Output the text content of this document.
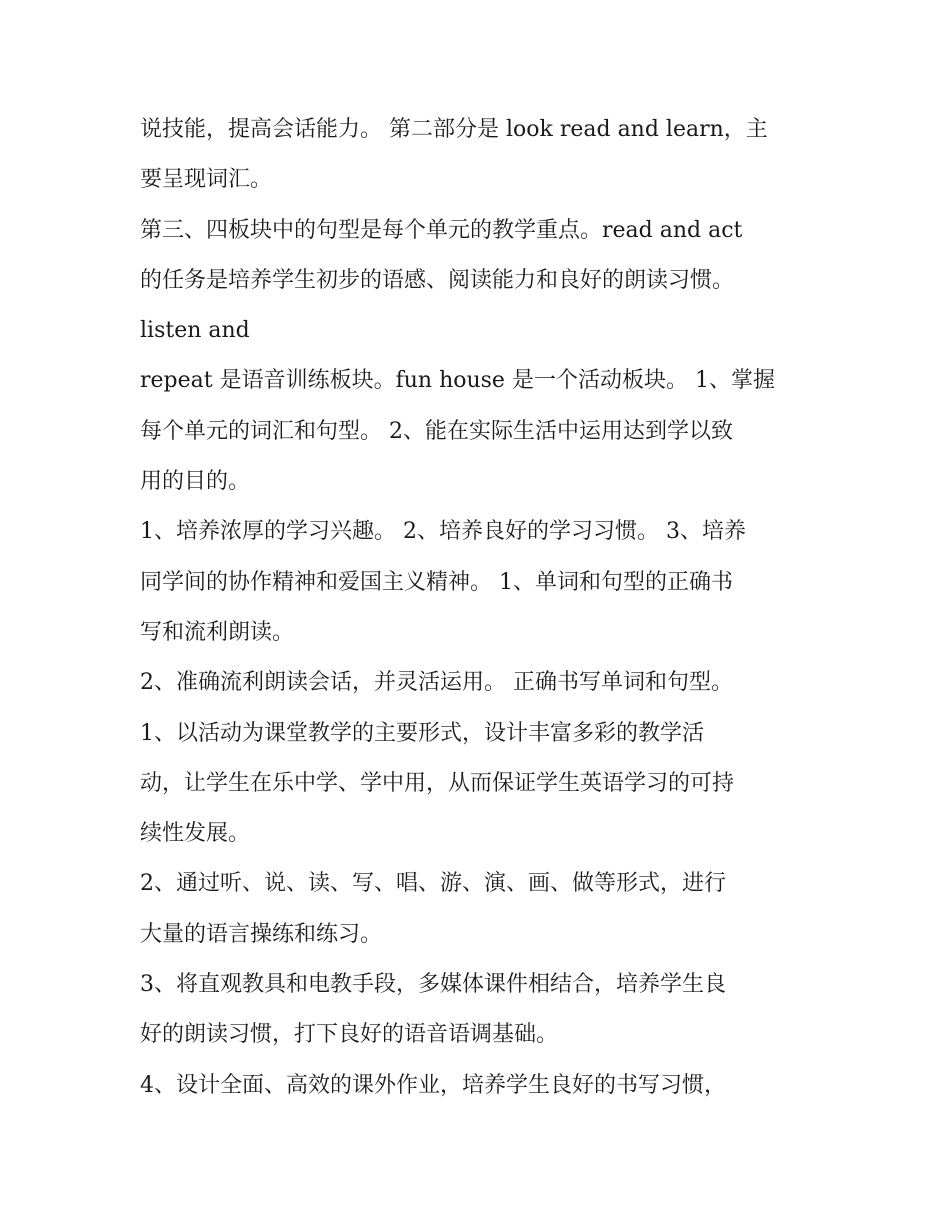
说技能，提高会话能力。 第二部分是 look read and learn，主
要呈现词汇。
第三、四板块中的句型是每个单元的教学重点。read and act
的任务是培养学生初步的语感、阅读能力和良好的朗读习惯。
listen and
repeat 是语音训练板块。fun house 是一个活动板块。 1、掌握
每个单元的词汇和句型。 2、能在实际生活中运用达到学以致
用的目的。
1、培养浓厚的学习兴趣。 2、培养良好的学习习惯。 3、培养
同学间的协作精神和爱国主义精神。 1、单词和句型的正确书
写和流利朗读。
2、准确流利朗读会话，并灵活运用。 正确书写单词和句型。
1、以活动为课堂教学的主要形式，设计丰富多彩的教学活
动，让学生在乐中学、学中用，从而保证学生英语学习的可持
续性发展。
2、通过听、说、读、写、唱、游、演、画、做等形式，进行
大量的语言操练和练习。
3、将直观教具和电教手段，多媒体课件相结合，培养学生良
好的朗读习惯，打下良好的语音语调基础。
4、设计全面、高效的课外作业，培养学生良好的书写习惯，
